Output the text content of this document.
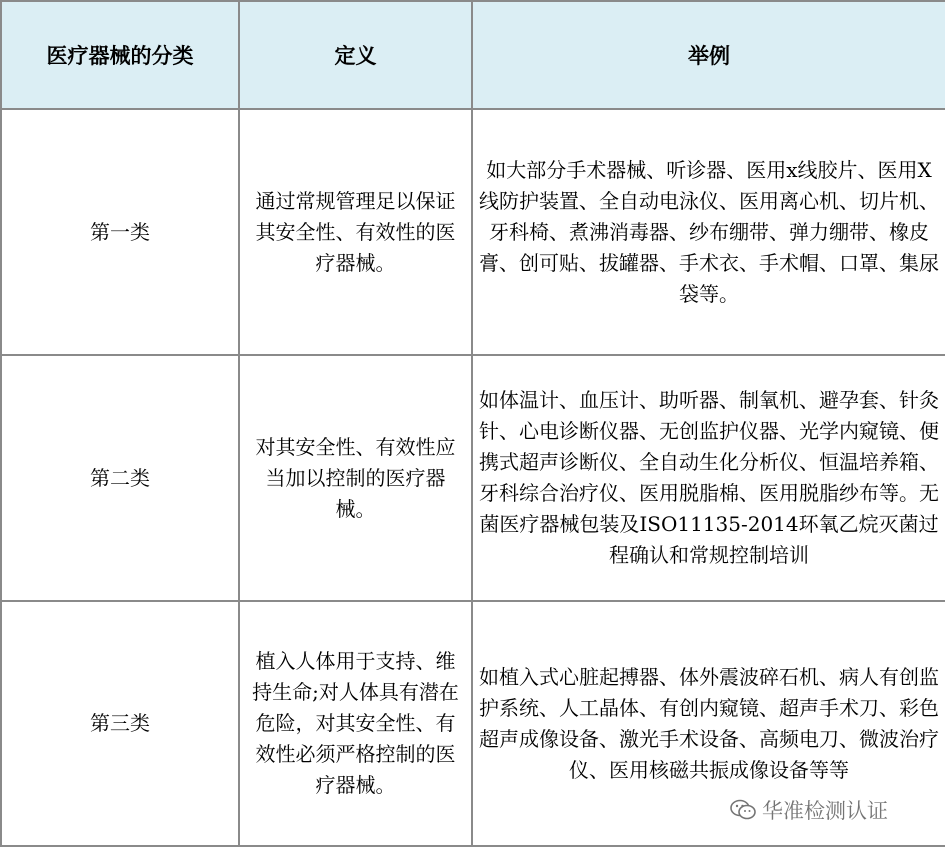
医疗器械的分类	定义	举例
第一类	通过常规管理足以保证其安全性、有效性的医疗器械。	如大部分手术器械、听诊器、医用x线胶片、医用X线防护装置、全自动电泳仪、医用离心机、切片机、牙科椅、煮沸消毒器、纱布绷带、弹力绷带、橡皮膏、创可贴、拔罐器、手术衣、手术帽、口罩、集尿袋等。
第二类	对其安全性、有效性应当加以控制的医疗器械。	如体温计、血压计、助听器、制氧机、避孕套、针灸针、心电诊断仪器、无创监护仪器、光学内窥镜、便携式超声诊断仪、全自动生化分析仪、恒温培养箱、牙科综合治疗仪、医用脱脂棉、医用脱脂纱布等。无菌医疗器械包装及ISO11135-2014环氧乙烷灭菌过程确认和常规控制培训
第三类	植入人体用于支持、维持生命;对人体具有潜在危险，对其安全性、有效性必须严格控制的医疗器械。	如植入式心脏起搏器、体外震波碎石机、病人有创监护系统、人工晶体、有创内窥镜、超声手术刀、彩色超声成像设备、激光手术设备、高频电刀、微波治疗仪、医用核磁共振成像设备等等
华准检测认证
